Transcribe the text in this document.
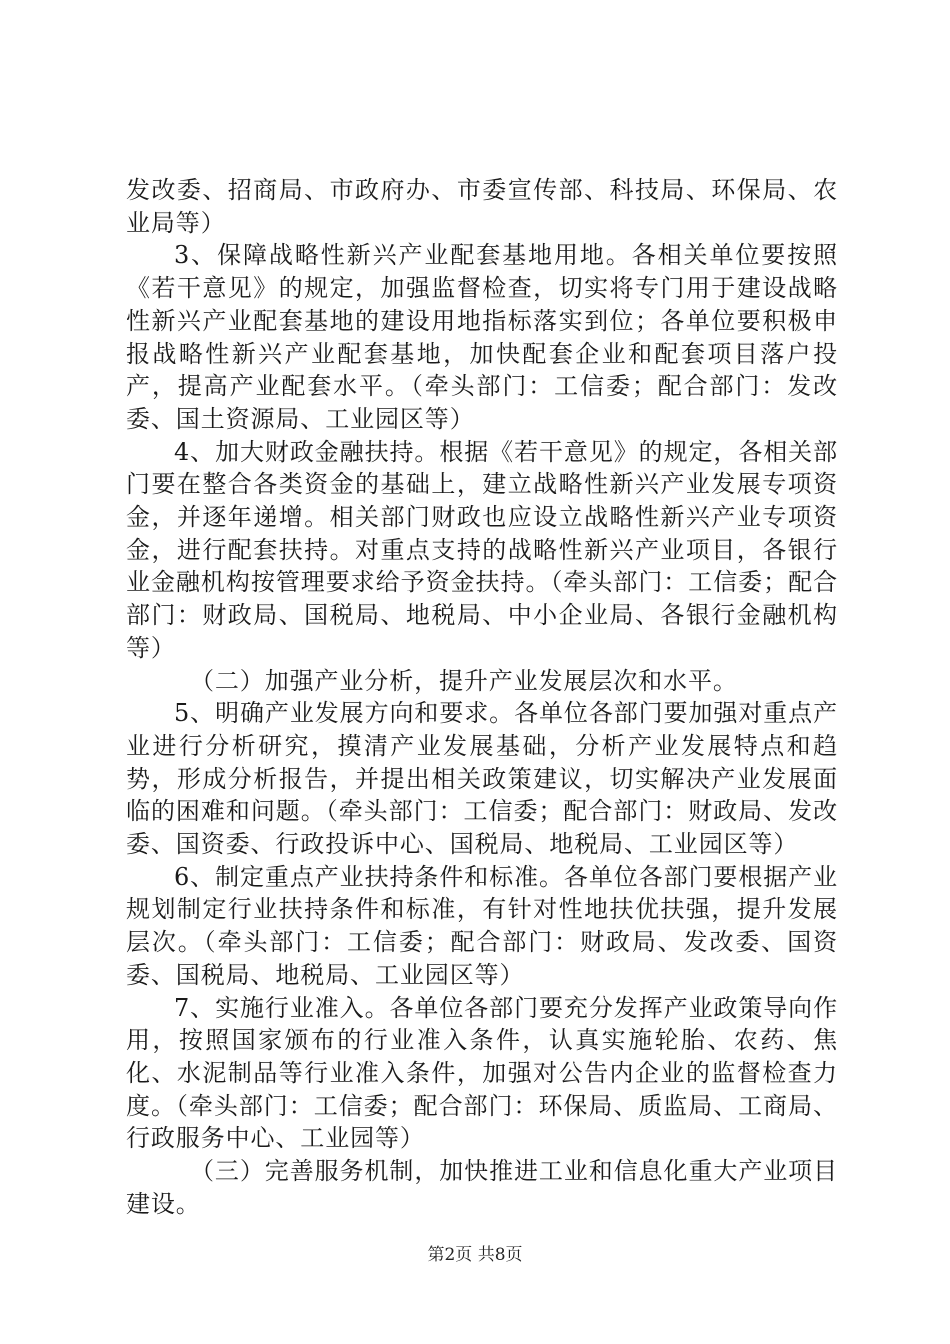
发改委、招商局、市政府办、市委宣传部、科技局、环保局、农业局等）

3、保障战略性新兴产业配套基地用地。各相关单位要按照《若干意见》的规定，加强监督检查，切实将专门用于建设战略性新兴产业配套基地的建设用地指标落实到位；各单位要积极申报战略性新兴产业配套基地，加快配套企业和配套项目落户投产，提高产业配套水平。（牵头部门：工信委；配合部门：发改委、国土资源局、工业园区等）

4、加大财政金融扶持。根据《若干意见》的规定，各相关部门要在整合各类资金的基础上，建立战略性新兴产业发展专项资金，并逐年递增。相关部门财政也应设立战略性新兴产业专项资金，进行配套扶持。对重点支持的战略性新兴产业项目，各银行业金融机构按管理要求给予资金扶持。（牵头部门：工信委；配合部门：财政局、国税局、地税局、中小企业局、各银行金融机构等）

（二）加强产业分析，提升产业发展层次和水平。

5、明确产业发展方向和要求。各单位各部门要加强对重点产业进行分析研究，摸清产业发展基础，分析产业发展特点和趋势，形成分析报告，并提出相关政策建议，切实解决产业发展面临的困难和问题。（牵头部门：工信委；配合部门：财政局、发改委、国资委、行政投诉中心、国税局、地税局、工业园区等）

6、制定重点产业扶持条件和标准。各单位各部门要根据产业规划制定行业扶持条件和标准，有针对性地扶优扶强，提升发展层次。（牵头部门：工信委；配合部门：财政局、发改委、国资委、国税局、地税局、工业园区等）

7、实施行业准入。各单位各部门要充分发挥产业政策导向作用，按照国家颁布的行业准入条件，认真实施轮胎、农药、焦化、水泥制品等行业准入条件，加强对公告内企业的监督检查力度。（牵头部门：工信委；配合部门：环保局、质监局、工商局、行政服务中心、工业园等）

（三）完善服务机制，加快推进工业和信息化重大产业项目建设。

第2页 共8页
